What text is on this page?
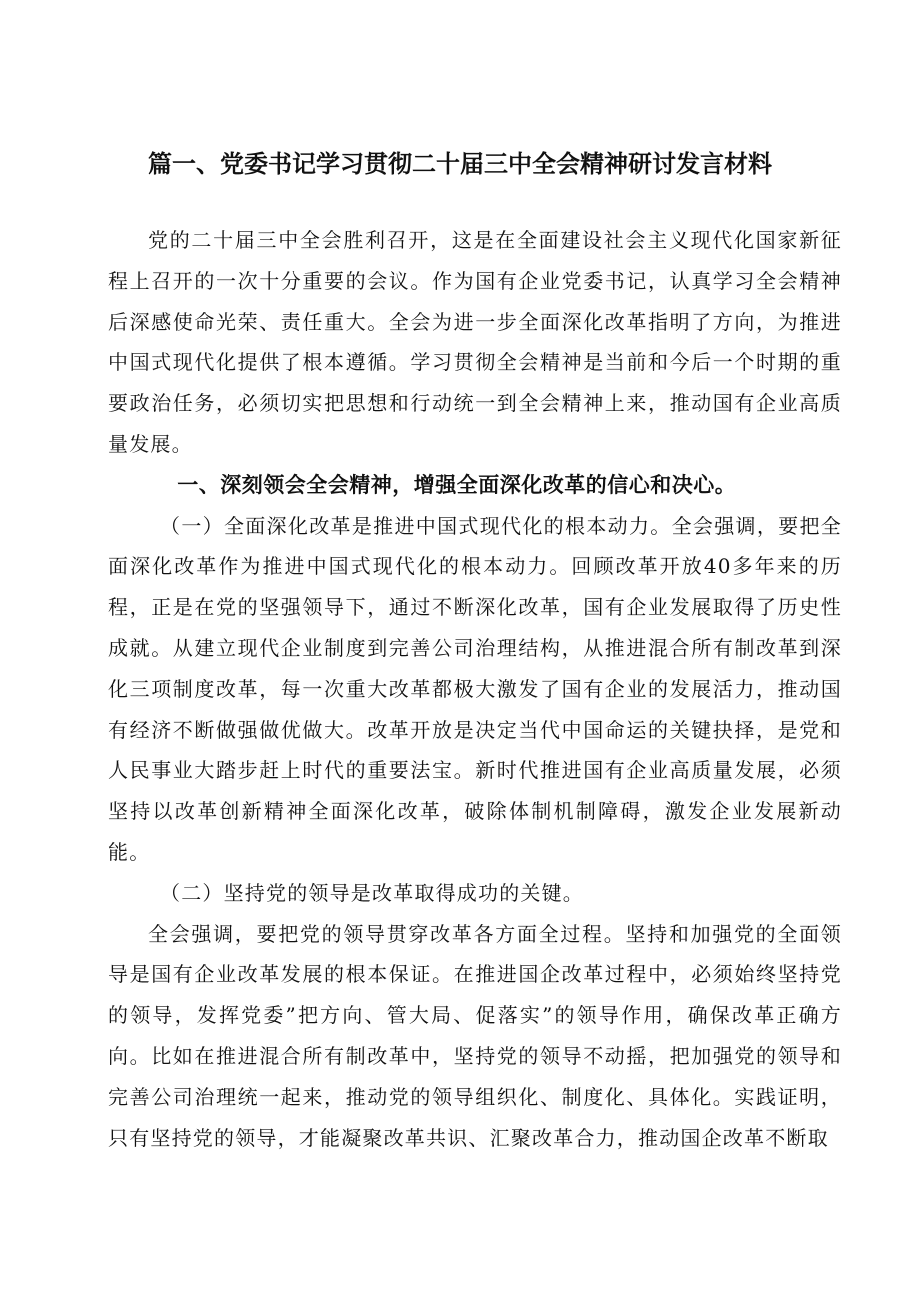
篇一、党委书记学习贯彻二十届三中全会精神研讨发言材料

党的二十届三中全会胜利召开，这是在全面建设社会主义现代化国家新征程上召开的一次十分重要的会议。作为国有企业党委书记，认真学习全会精神后深感使命光荣、责任重大。全会为进一步全面深化改革指明了方向，为推进中国式现代化提供了根本遵循。学习贯彻全会精神是当前和今后一个时期的重要政治任务，必须切实把思想和行动统一到全会精神上来，推动国有企业高质量发展。

一、深刻领会全会精神，增强全面深化改革的信心和决心。

（一）全面深化改革是推进中国式现代化的根本动力。全会强调，要把全面深化改革作为推进中国式现代化的根本动力。回顾改革开放40多年来的历程，正是在党的坚强领导下，通过不断深化改革，国有企业发展取得了历史性成就。从建立现代企业制度到完善公司治理结构，从推进混合所有制改革到深化三项制度改革，每一次重大改革都极大激发了国有企业的发展活力，推动国有经济不断做强做优做大。改革开放是决定当代中国命运的关键抉择，是党和人民事业大踏步赶上时代的重要法宝。新时代推进国有企业高质量发展，必须坚持以改革创新精神全面深化改革，破除体制机制障碍，激发企业发展新动能。

（二）坚持党的领导是改革取得成功的关键。

全会强调，要把党的领导贯穿改革各方面全过程。坚持和加强党的全面领导是国有企业改革发展的根本保证。在推进国企改革过程中，必须始终坚持党的领导，发挥党委”把方向、管大局、促落实”的领导作用，确保改革正确方向。比如在推进混合所有制改革中，坚持党的领导不动摇，把加强党的领导和完善公司治理统一起来，推动党的领导组织化、制度化、具体化。实践证明，只有坚持党的领导，才能凝聚改革共识、汇聚改革合力，推动国企改革不断取
